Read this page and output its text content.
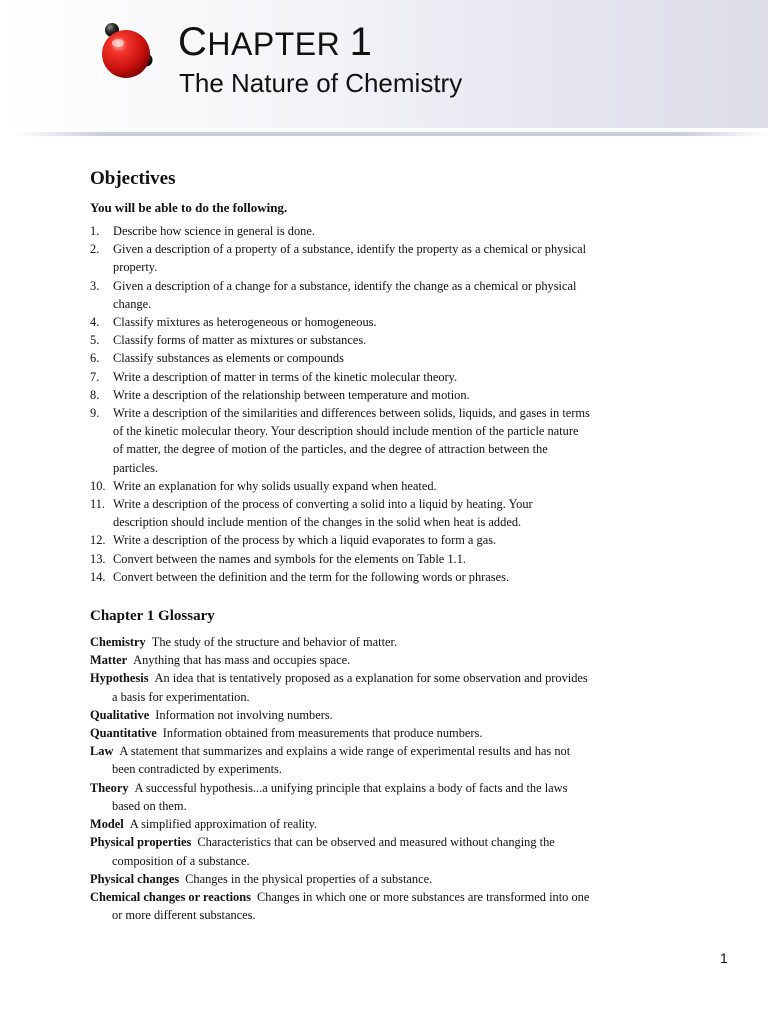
CHAPTER 1
The Nature of Chemistry
Objectives

You will be able to do the following.

1. Describe how science in general is done.
2. Given a description of a property of a substance, identify the property as a chemical or physical property.
3. Given a description of a change for a substance, identify the change as a chemical or physical change.
4. Classify mixtures as heterogeneous or homogeneous.
5. Classify forms of matter as mixtures or substances.
6. Classify substances as elements or compounds
7. Write a description of matter in terms of the kinetic molecular theory.
8. Write a description of the relationship between temperature and motion.
9. Write a description of the similarities and differences between solids, liquids, and gases in terms of the kinetic molecular theory. Your description should include mention of the particle nature of matter, the degree of motion of the particles, and the degree of attraction between the particles.
10. Write an explanation for why solids usually expand when heated.
11. Write a description of the process of converting a solid into a liquid by heating. Your description should include mention of the changes in the solid when heat is added.
12. Write a description of the process by which a liquid evaporates to form a gas.
13. Convert between the names and symbols for the elements on Table 1.1.
14. Convert between the definition and the term for the following words or phrases.
Chapter 1 Glossary

Chemistry The study of the structure and behavior of matter.

Matter Anything that has mass and occupies space.

Hypothesis An idea that is tentatively proposed as a explanation for some observation and provides a basis for experimentation.

Qualitative Information not involving numbers.

Quantitative Information obtained from measurements that produce numbers.

Law A statement that summarizes and explains a wide range of experimental results and has not been contradicted by experiments.

Theory A successful hypothesis...a unifying principle that explains a body of facts and the laws based on them.

Model A simplified approximation of reality.

Physical properties Characteristics that can be observed and measured without changing the composition of a substance.

Physical changes Changes in the physical properties of a substance.

Chemical changes or reactions Changes in which one or more substances are transformed into one or more different substances.

1
